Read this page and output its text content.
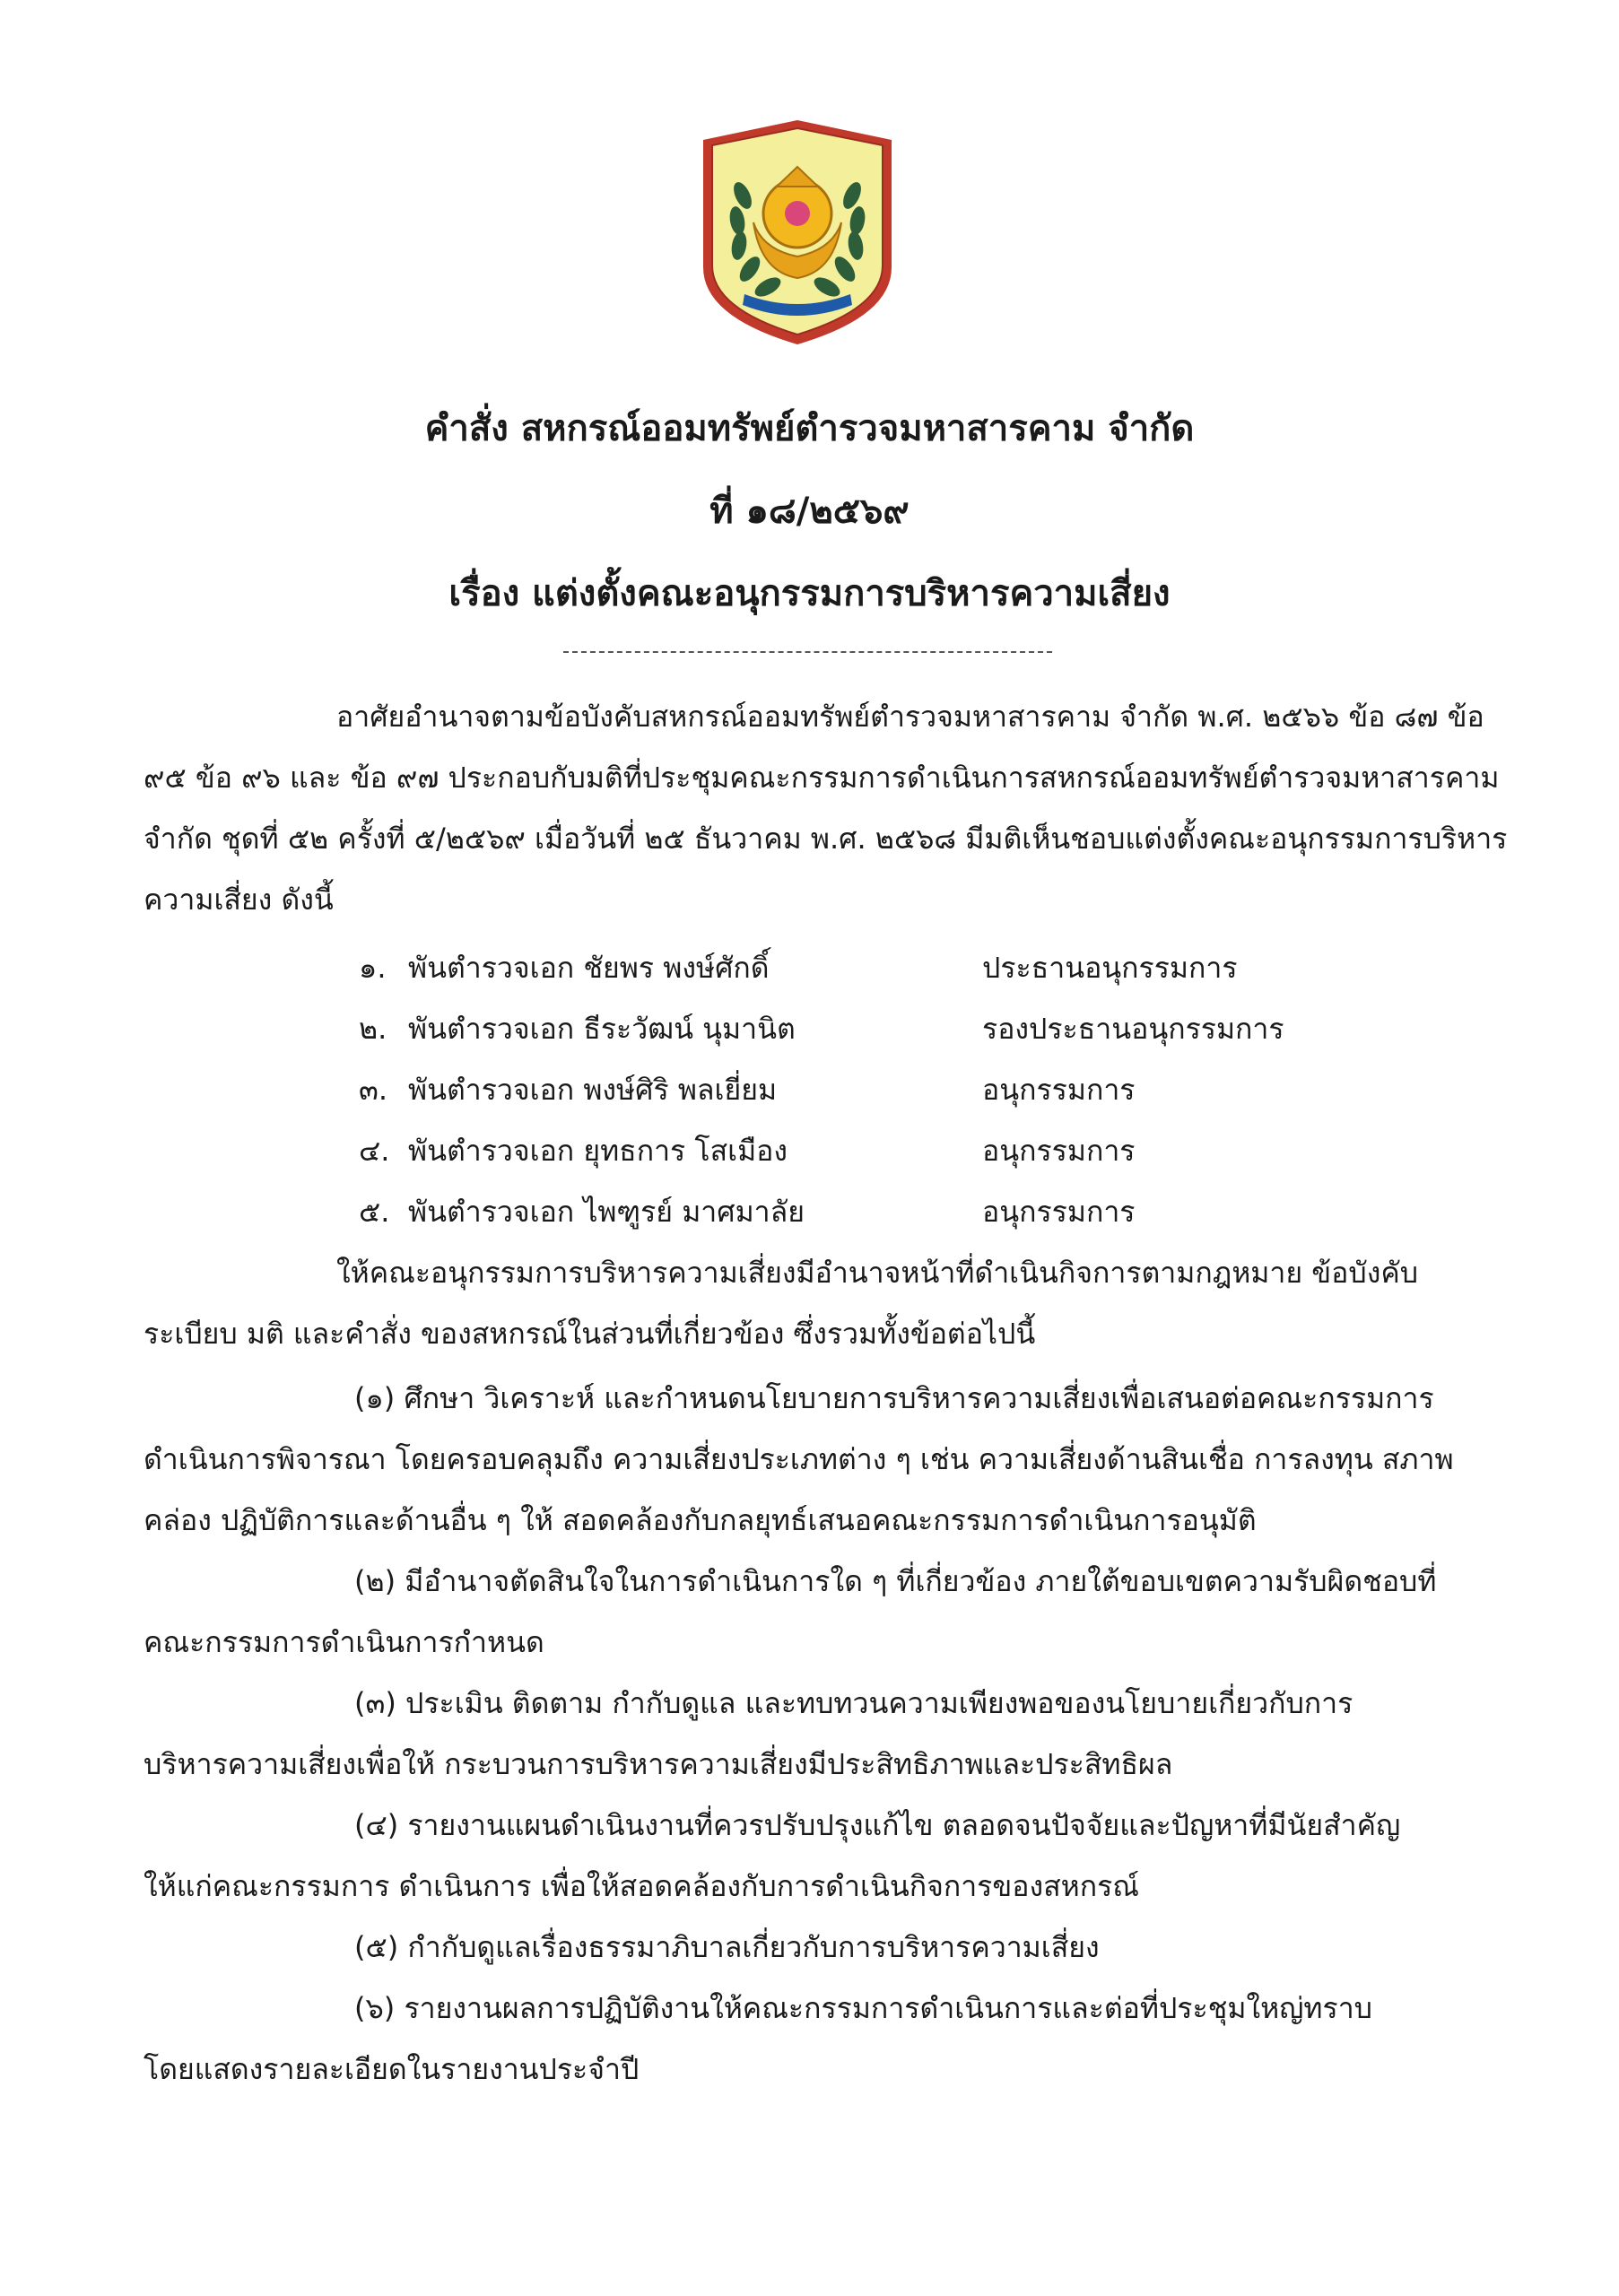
คำสั่ง สหกรณ์ออมทรัพย์ตำรวจมหาสารคาม จำกัด
ที่ ๑๘/๒๕๖๙
เรื่อง แต่งตั้งคณะอนุกรรมการบริหารความเสี่ยง
อาศัยอำนาจตามข้อบังคับสหกรณ์ออมทรัพย์ตำรวจมหาสารคาม จำกัด พ.ศ. ๒๕๖๖ ข้อ ๘๗ ข้อ
๙๕ ข้อ ๙๖ และ ข้อ ๙๗ ประกอบกับมติที่ประชุมคณะกรรมการดำเนินการสหกรณ์ออมทรัพย์ตำรวจมหาสารคาม
จำกัด ชุดที่ ๕๒ ครั้งที่ ๕/๒๕๖๙ เมื่อวันที่ ๒๕ ธันวาคม พ.ศ. ๒๕๖๘ มีมติเห็นชอบแต่งตั้งคณะอนุกรรมการบริหาร
ความเสี่ยง ดังนี้
๑. พันตำรวจเอก ชัยพร พงษ์ศักดิ์	ประธานอนุกรรมการ
๒. พันตำรวจเอก ธีระวัฒน์ นุมานิต	รองประธานอนุกรรมการ
๓. พันตำรวจเอก พงษ์ศิริ พลเยี่ยม	อนุกรรมการ
๔. พันตำรวจเอก ยุทธการ โสเมือง	อนุกรรมการ
๕. พันตำรวจเอก ไพฑูรย์ มาศมาลัย	อนุกรรมการ
ให้คณะอนุกรรมการบริหารความเสี่ยงมีอำนาจหน้าที่ดำเนินกิจการตามกฎหมาย ข้อบังคับ
ระเบียบ มติ และคำสั่ง ของสหกรณ์ในส่วนที่เกี่ยวข้อง ซึ่งรวมทั้งข้อต่อไปนี้
(๑) ศึกษา วิเคราะห์ และกำหนดนโยบายการบริหารความเสี่ยงเพื่อเสนอต่อคณะกรรมการ
ดำเนินการพิจารณา โดยครอบคลุมถึง ความเสี่ยงประเภทต่าง ๆ เช่น ความเสี่ยงด้านสินเชื่อ การลงทุน สภาพ
คล่อง ปฏิบัติการและด้านอื่น ๆ ให้ สอดคล้องกับกลยุทธ์เสนอคณะกรรมการดำเนินการอนุมัติ
(๒) มีอำนาจตัดสินใจในการดำเนินการใด ๆ ที่เกี่ยวข้อง ภายใต้ขอบเขตความรับผิดชอบที่
คณะกรรมการดำเนินการกำหนด
(๓) ประเมิน ติดตาม กำกับดูแล และทบทวนความเพียงพอของนโยบายเกี่ยวกับการ
บริหารความเสี่ยงเพื่อให้ กระบวนการบริหารความเสี่ยงมีประสิทธิภาพและประสิทธิผล
(๔) รายงานแผนดำเนินงานที่ควรปรับปรุงแก้ไข ตลอดจนปัจจัยและปัญหาที่มีนัยสำคัญ
ให้แก่คณะกรรมการ ดำเนินการ เพื่อให้สอดคล้องกับการดำเนินกิจการของสหกรณ์
(๕) กำกับดูแลเรื่องธรรมาภิบาลเกี่ยวกับการบริหารความเสี่ยง
(๖) รายงานผลการปฏิบัติงานให้คณะกรรมการดำเนินการและต่อที่ประชุมใหญ่ทราบ
โดยแสดงรายละเอียดในรายงานประจำปี
